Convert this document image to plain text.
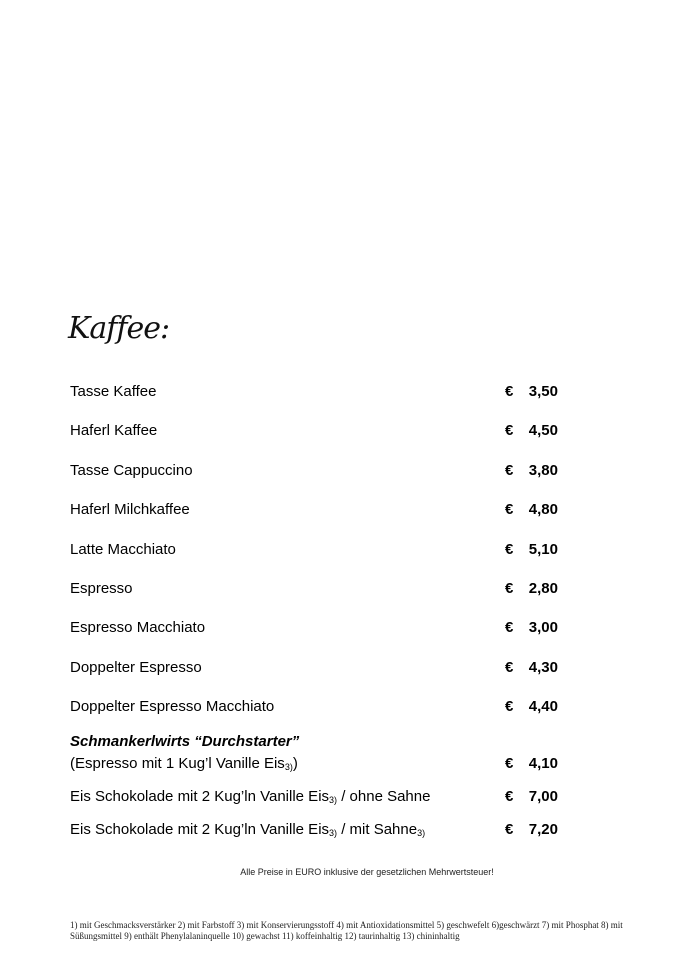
Kaffee:
Tasse Kaffee	€ 3,50
Haferl Kaffee	€ 4,50
Tasse Cappuccino	€ 3,80
Haferl Milchkaffee	€ 4,80
Latte Macchiato	€ 5,10
Espresso	€ 2,80
Espresso Macchiato	€ 3,00
Doppelter Espresso	€ 4,30
Doppelter Espresso Macchiato	€ 4,40
Schmankerlwirts “Durchstarter”
(Espresso mit 1 Kug’l Vanille Eis3))	€ 4,10
Eis Schokolade mit 2 Kug’ln Vanille Eis3) / ohne Sahne	€ 7,00
Eis Schokolade mit 2 Kug’ln Vanille Eis3) / mit Sahne3)	€ 7,20
Alle Preise in EURO inklusive der gesetzlichen Mehrwertsteuer!
1) mit Geschmacksverstärker 2) mit Farbstoff 3) mit Konservierungsstoff 4) mit Antioxidationsmittel 5) geschwefelt 6)geschwärzt 7) mit Phosphat 8) mit
Süßungsmittel 9) enthält Phenylalaninquelle 10) gewachst 11) koffeinhaltig 12) taurinhaltig 13) chininhaltig
